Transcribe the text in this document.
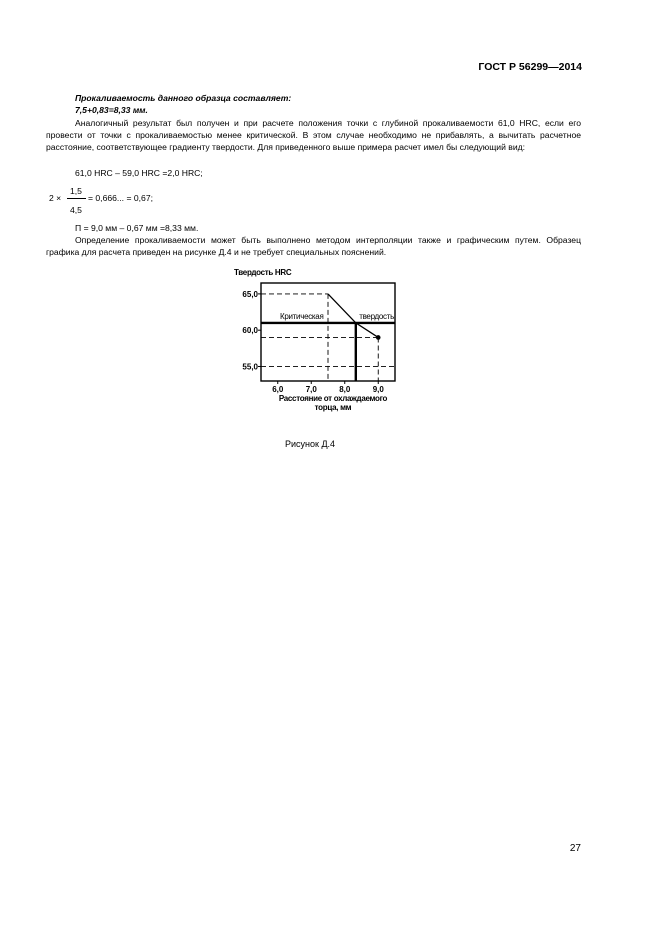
ГОСТ Р 56299—2014
Прокаливаемость данного образца составляет:
7,5+0,83=8,33 мм.
Аналогичный результат был получен и при расчете положения точки с глубиной прокаливаемости 61,0 HRC, если его провести от точки с прокаливаемостью менее критической. В этом случае необходимо не прибавлять, а вычитать расчетное расстояние, соответствующее градиенту твердости. Для приведенного выше примера расчет имел бы следующий вид:
61,0 HRC – 59,0 HRC =2,0 HRC;
2 ×
1,5
4,5
= 0,666... = 0,67;
П = 9,0 мм – 0,67 мм =8,33 мм.
Определение прокаливаемости может быть выполнено методом интерполяции также и графическим путем. Образец графика для расчета приведен на рисунке Д.4 и не требует специальных пояснений.
Твердость HRC
Критическая	твердость
65,0
60,0
55,0
6,0	7,0	8,0	9,0
Расстояние от охлаждаемого
торца, мм
Рисунок Д.4
27
